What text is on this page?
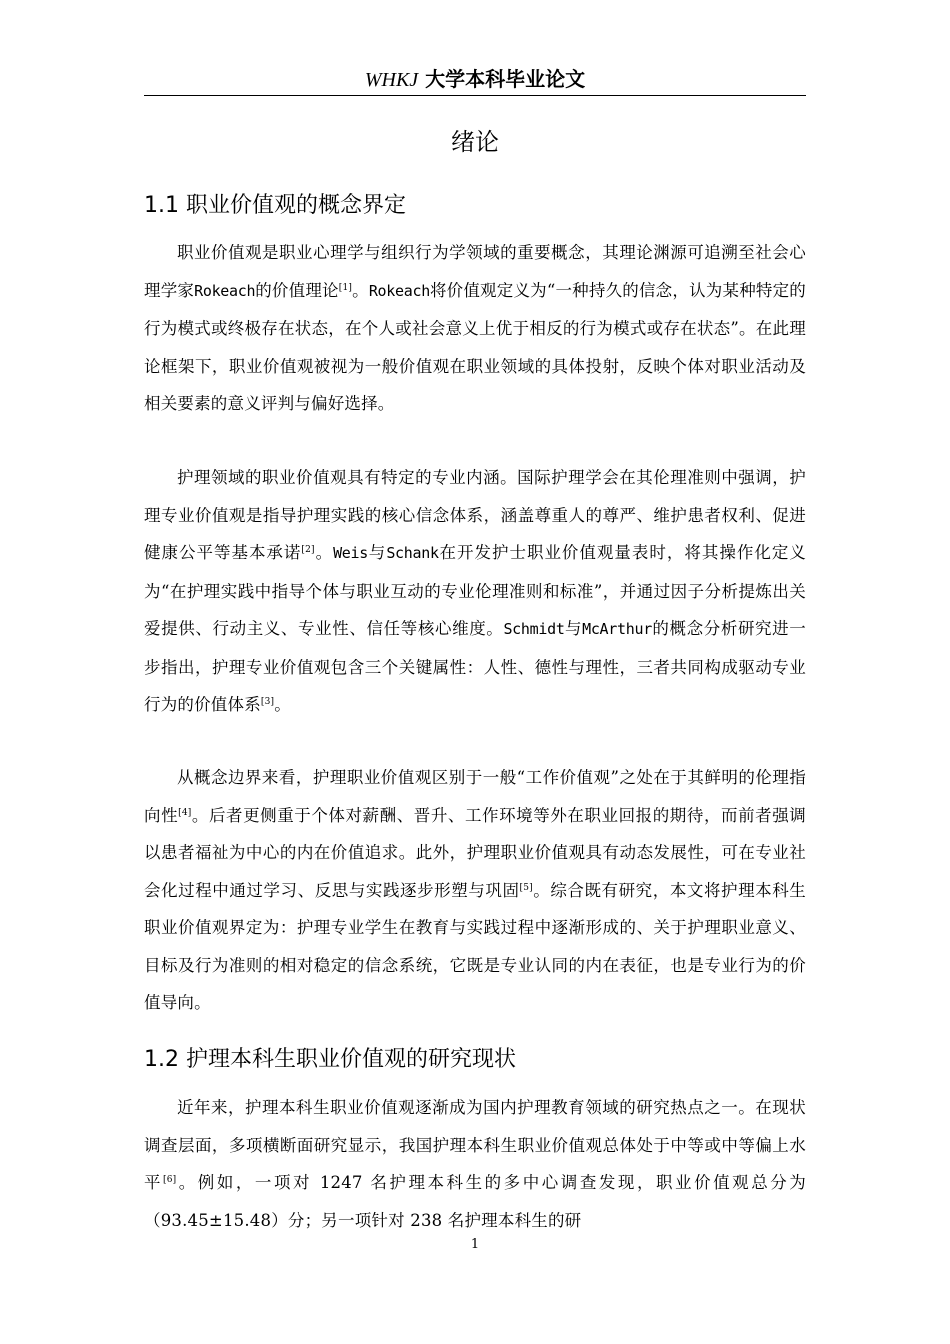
WHKJ 大学本科毕业论文
绪论
1.1 职业价值观的概念界定

职业价值观是职业心理学与组织行为学领域的重要概念，其理论渊源可追溯至社会心理学家Rokeach的价值理论[1]。Rokeach将价值观定义为“一种持久的信念，认为某种特定的行为模式或终极存在状态，在个人或社会意义上优于相反的行为模式或存在状态”。在此理论框架下，职业价值观被视为一般价值观在职业领域的具体投射，反映个体对职业活动及相关要素的意义评判与偏好选择。

护理领域的职业价值观具有特定的专业内涵。国际护理学会在其伦理准则中强调，护理专业价值观是指导护理实践的核心信念体系，涵盖尊重人的尊严、维护患者权利、促进健康公平等基本承诺[2]。Weis与Schank在开发护士职业价值观量表时，将其操作化定义为“在护理实践中指导个体与职业互动的专业伦理准则和标准”，并通过因子分析提炼出关爱提供、行动主义、专业性、信任等核心维度。Schmidt与McArthur的概念分析研究进一步指出，护理专业价值观包含三个关键属性：人性、德性与理性，三者共同构成驱动专业行为的价值体系[3]。

从概念边界来看，护理职业价值观区别于一般“工作价值观”之处在于其鲜明的伦理指向性[4]。后者更侧重于个体对薪酬、晋升、工作环境等外在职业回报的期待，而前者强调以患者福祉为中心的内在价值追求。此外，护理职业价值观具有动态发展性，可在专业社会化过程中通过学习、反思与实践逐步形塑与巩固[5]。综合既有研究，本文将护理本科生职业价值观界定为：护理专业学生在教育与实践过程中逐渐形成的、关于护理职业意义、目标及行为准则的相对稳定的信念系统，它既是专业认同的内在表征，也是专业行为的价值导向。

1.2 护理本科生职业价值观的研究现状

近年来，护理本科生职业价值观逐渐成为国内护理教育领域的研究热点之一。在现状调查层面，多项横断面研究显示，我国护理本科生职业价值观总体处于中等或中等偏上水平[6]。例如，一项对 1247 名护理本科生的多中心调查发现，职业价值观总分为（93.45±15.48）分；另一项针对 238 名护理本科生的研

1
